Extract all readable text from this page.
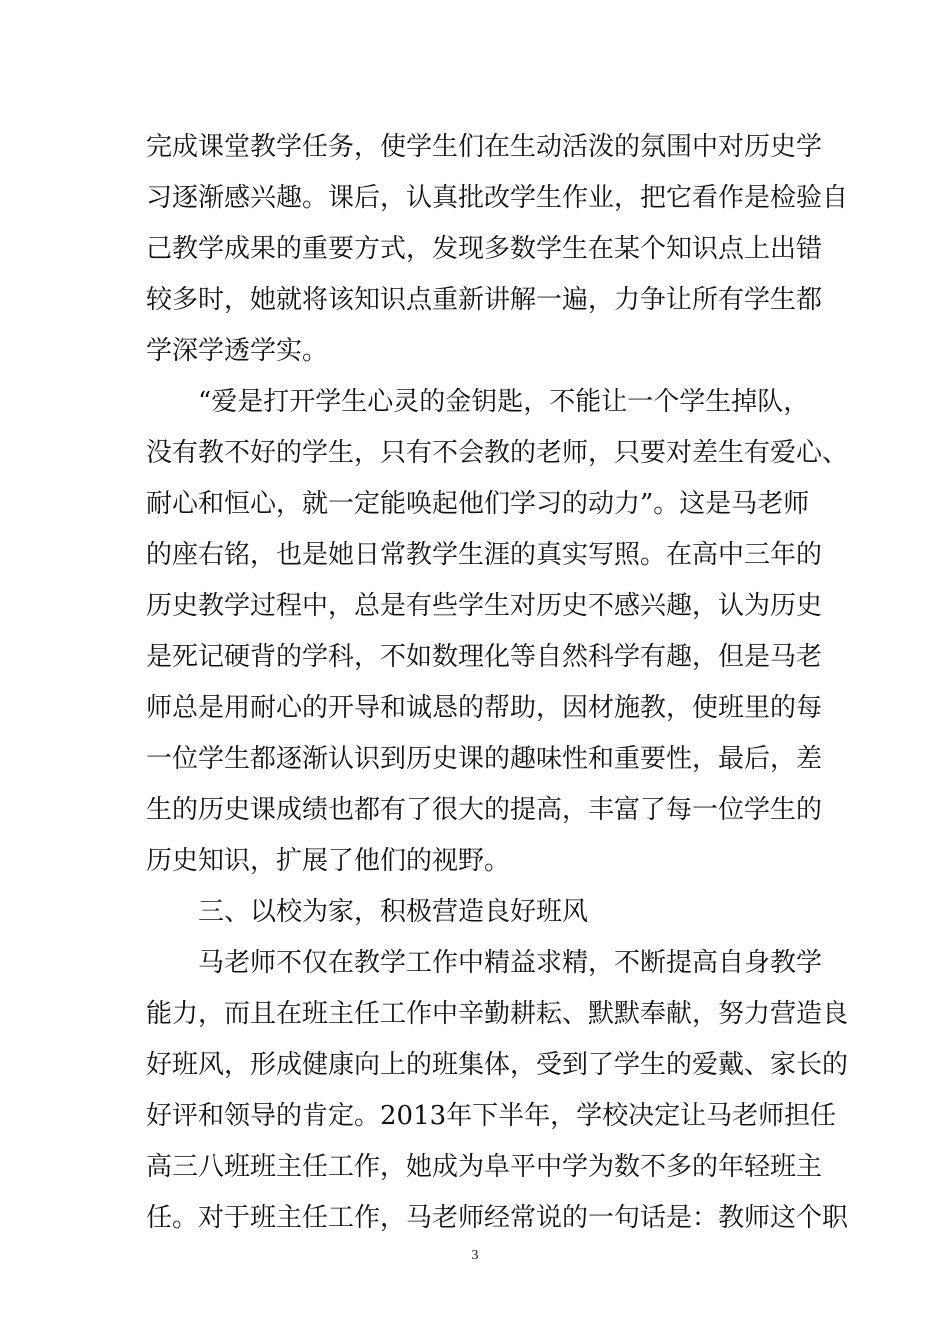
完成课堂教学任务，使学生们在生动活泼的氛围中对历史学
习逐渐感兴趣。课后，认真批改学生作业，把它看作是检验自
己教学成果的重要方式，发现多数学生在某个知识点上出错
较多时，她就将该知识点重新讲解一遍，力争让所有学生都
学深学透学实。
“爱是打开学生心灵的金钥匙，不能让一个学生掉队，
没有教不好的学生，只有不会教的老师，只要对差生有爱心、
耐心和恒心，就一定能唤起他们学习的动力”。这是马老师
的座右铭，也是她日常教学生涯的真实写照。在高中三年的
历史教学过程中，总是有些学生对历史不感兴趣，认为历史
是死记硬背的学科，不如数理化等自然科学有趣，但是马老
师总是用耐心的开导和诚恳的帮助，因材施教，使班里的每
一位学生都逐渐认识到历史课的趣味性和重要性，最后，差
生的历史课成绩也都有了很大的提高，丰富了每一位学生的
历史知识，扩展了他们的视野。
三、以校为家，积极营造良好班风
马老师不仅在教学工作中精益求精，不断提高自身教学
能力，而且在班主任工作中辛勤耕耘、默默奉献，努力营造良
好班风，形成健康向上的班集体，受到了学生的爱戴、家长的
好评和领导的肯定。2013年下半年，学校决定让马老师担任
高三八班班主任工作，她成为阜平中学为数不多的年轻班主
任。对于班主任工作，马老师经常说的一句话是：教师这个职
3
